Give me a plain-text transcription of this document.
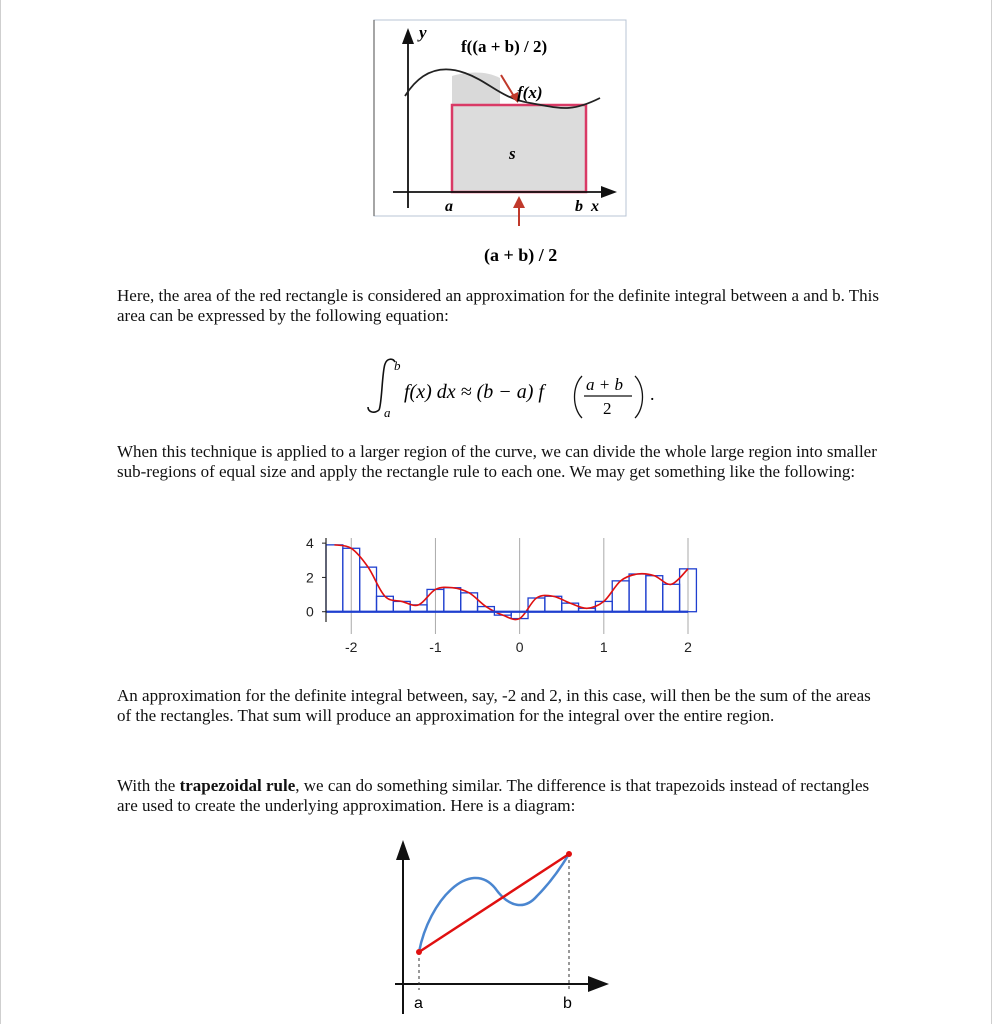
y
f((a + b) / 2)
f(x)
s
a	b x
(a + b) / 2

Here, the area of the red rectangle is considered an approximation for the definite integral between a and b. This area can be expressed by the following equation:

b
a
f(x) dx ≈ (b − a) f a + b
2
.

When this technique is applied to a larger region of the curve, we can divide the whole large region into smaller sub-regions of equal size and apply the rectangle rule to each one. We may get something like the following:

4
2
0
-2	-1	0	1	2

An approximation for the definite integral between, say, -2 and 2, in this case, will then be the sum of the areas of the rectangles. That sum will produce an approximation for the integral over the entire region.

With the trapezoidal rule, we can do something similar. The difference is that trapezoids instead of rectangles are used to create the underlying approximation. Here is a diagram:

a	b
